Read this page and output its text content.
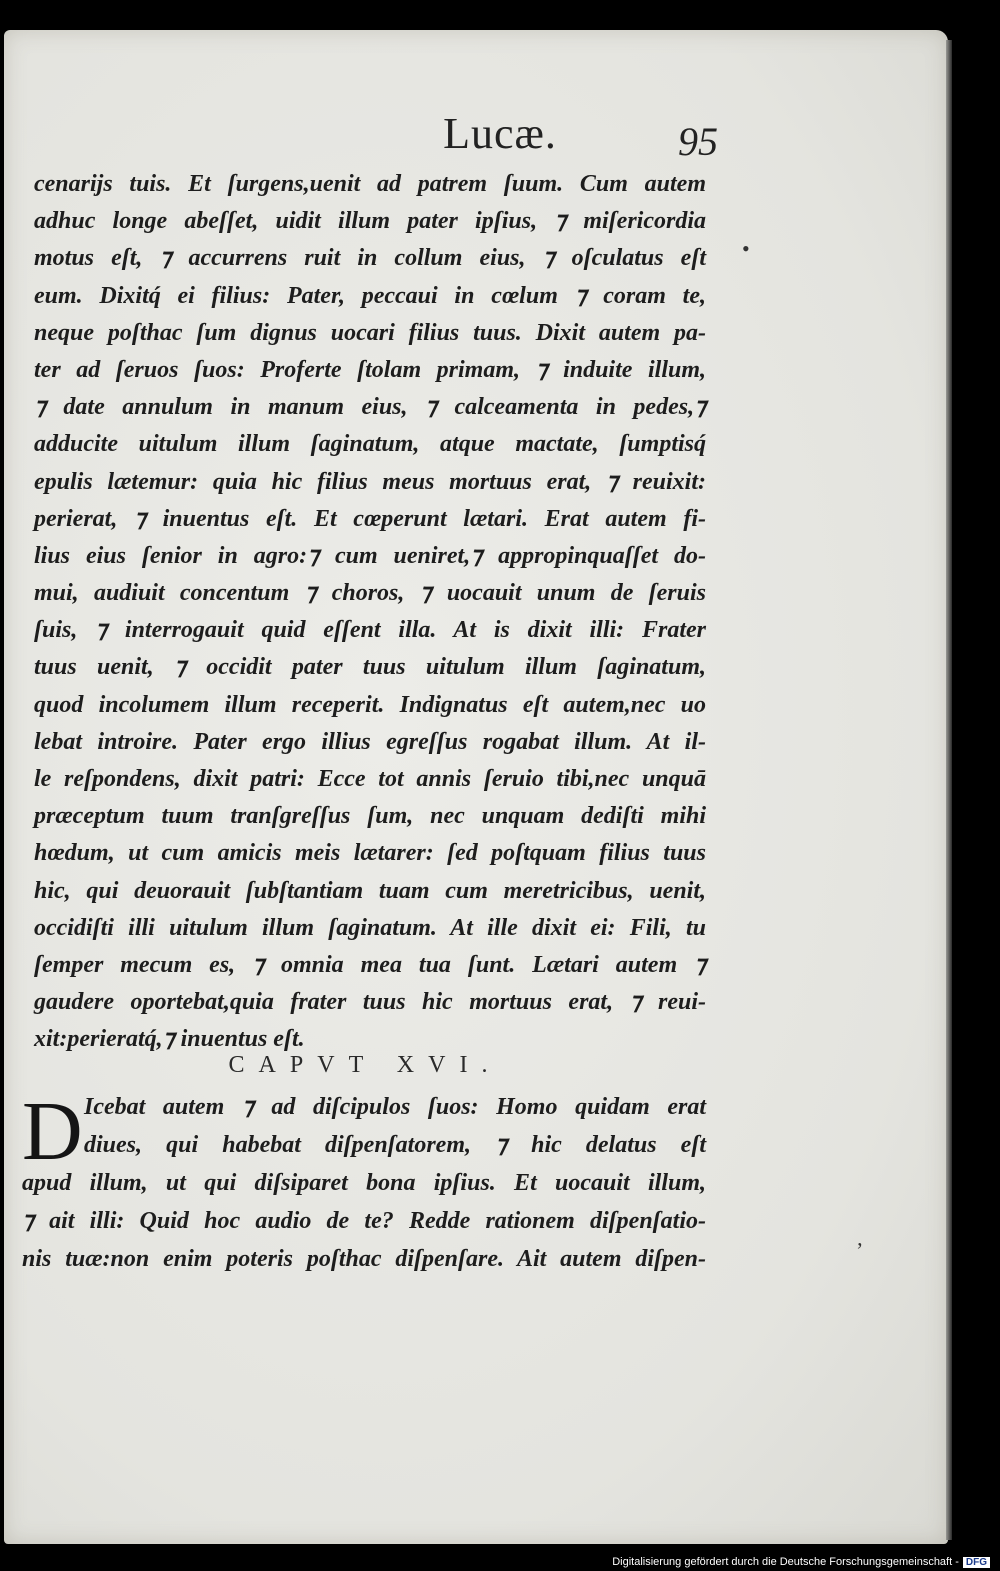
Lucæ.	95
cenarijs tuis. Et ſurgens,uenit ad patrem ſuum. Cum autem
adhuc longe abeſſet, uidit illum pater ipſius, ⁊ miſericordia
motus eſt, ⁊ accurrens ruit in collum eius, ⁊ oſculatus eſt
eum. Dixitq́ ei filius: Pater, peccaui in cœlum ⁊ coram te,
neque poſthac ſum dignus uocari filius tuus. Dixit autem pa-
ter ad ſeruos ſuos: Proferte ſtolam primam, ⁊ induite illum,
⁊ date annulum in manum eius, ⁊ calceamenta in pedes,⁊
adducite uitulum illum ſaginatum, atque mactate, ſumptisq́
epulis lætemur: quia hic filius meus mortuus erat, ⁊ reuixit:
perierat, ⁊ inuentus eſt. Et cœperunt lætari. Erat autem fi-
lius eius ſenior in agro:⁊ cum ueniret,⁊ appropinquaſſet do-
mui, audiuit concentum ⁊ choros, ⁊ uocauit unum de ſeruis
ſuis, ⁊ interrogauit quid eſſent illa. At is dixit illi: Frater
tuus uenit, ⁊ occidit pater tuus uitulum illum ſaginatum,
quod incolumem illum receperit. Indignatus eſt autem,nec uo
lebat introire. Pater ergo illius egreſſus rogabat illum. At il-
le reſpondens, dixit patri: Ecce tot annis ſeruio tibi,nec unquā
præceptum tuum tranſgreſſus ſum, nec unquam dediſti mihi
hœdum, ut cum amicis meis lætarer: ſed poſtquam filius tuus
hic, qui deuorauit ſubſtantiam tuam cum meretricibus, uenit,
occidiſti illi uitulum illum ſaginatum. At ille dixit ei: Fili, tu
ſemper mecum es, ⁊ omnia mea tua ſunt. Lætari autem ⁊
gaudere oportebat,quia frater tuus hic mortuus erat, ⁊ reui-
xit:perieratq́,⁊ inuentus eſt.
CAPVT XVI.
D Icebat autem ⁊ ad diſcipulos ſuos: Homo quidam erat
diues, qui habebat diſpenſatorem, ⁊ hic delatus eſt
apud illum, ut qui diſsiparet bona ipſius. Et uocauit illum,
⁊ ait illi: Quid hoc audio de te? Redde rationem diſpenſatio-
nis tuæ:non enim poteris poſthac diſpenſare. Ait autem diſpen-
•
ʼ
Digitalisierung gefördert durch die Deutsche Forschungsgemeinschaft - DFG
